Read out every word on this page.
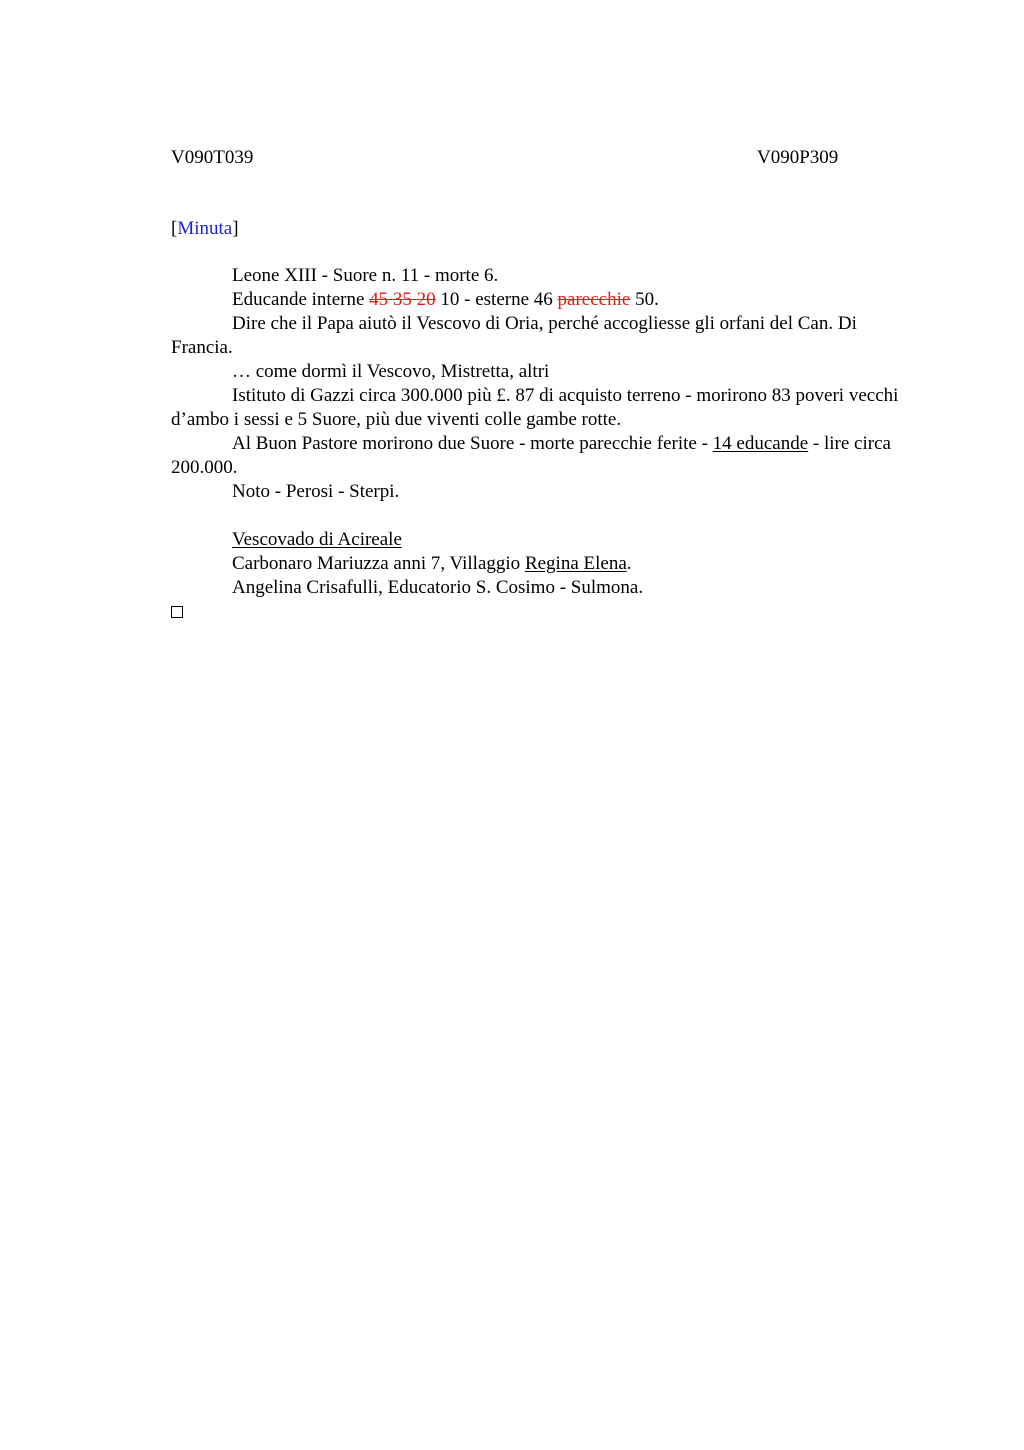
V090T039	V090P309
[Minuta]

Leone XIII - Suore n. 11 - morte 6.

Educande interne 45 35 20 10 - esterne 46 parecchie 50.

Dire che il Papa aiutò il Vescovo di Oria, perché accogliesse gli orfani del Can. Di Francia.

… come dormì il Vescovo, Mistretta, altri

Istituto di Gazzi circa 300.000 più £. 87 di acquisto terreno - morirono 83 poveri vecchi d’ambo i sessi e 5 Suore, più due viventi colle gambe rotte.

Al Buon Pastore morirono due Suore - morte parecchie ferite - 14 educande - lire circa 200.000.

Noto - Perosi - Sterpi.

Vescovado di Acireale

Carbonaro Mariuzza anni 7, Villaggio Regina Elena.

Angelina Crisafulli, Educatorio S. Cosimo - Sulmona.
